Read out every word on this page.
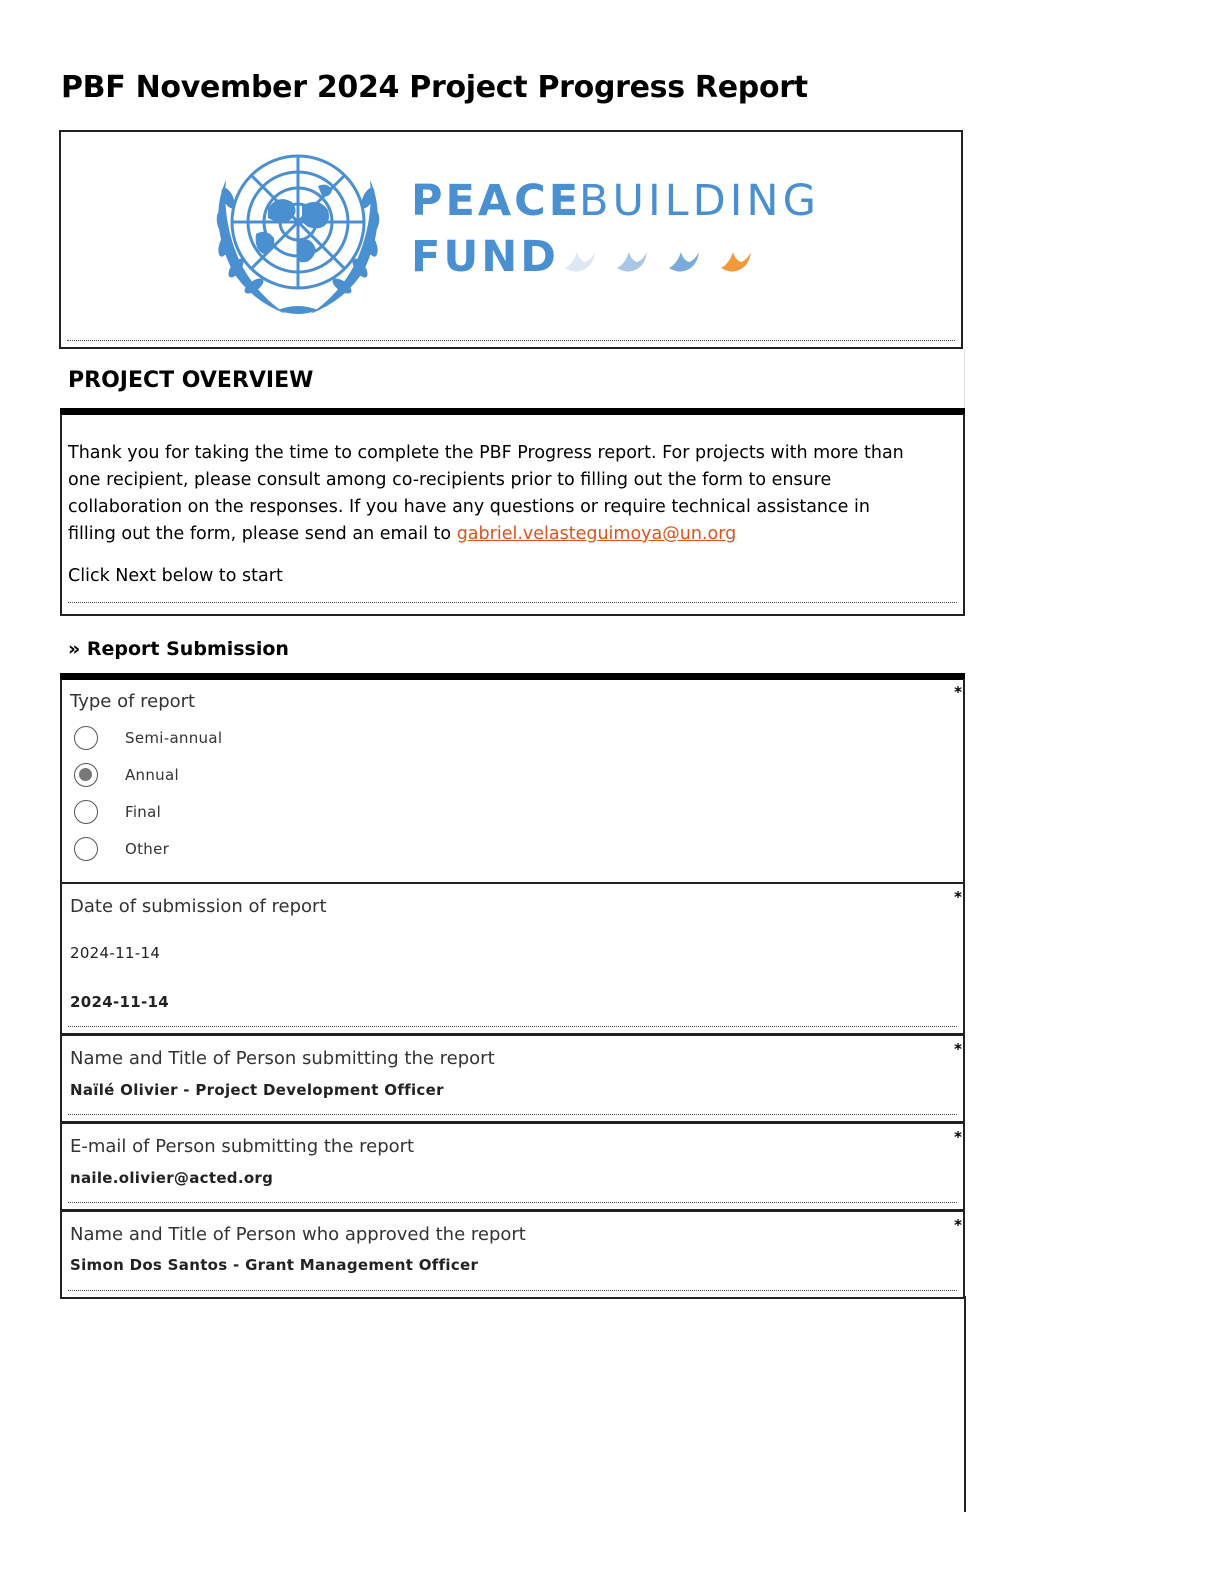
PBF November 2024 Project Progress Report
PEACE
BUILDING
FUND
PROJECT OVERVIEW
Thank you for taking the time to complete the PBF Progress report. For projects with more than one recipient, please consult among co-recipients prior to filling out the form to ensure collaboration on the responses. If you have any questions or require technical assistance in filling out the form, please send an email to gabriel.velasteguimoya@un.org
Click Next below to start
» Report Submission
*
Type of report
Semi-annual
Annual
Final
Other
*
Date of submission of report
2024-11-14
2024-11-14
*
Name and Title of Person submitting the report
Naïlé Olivier - Project Development Officer
*
E-mail of Person submitting the report
naile.olivier@acted.org
*
Name and Title of Person who approved the report
Simon Dos Santos - Grant Management Officer
